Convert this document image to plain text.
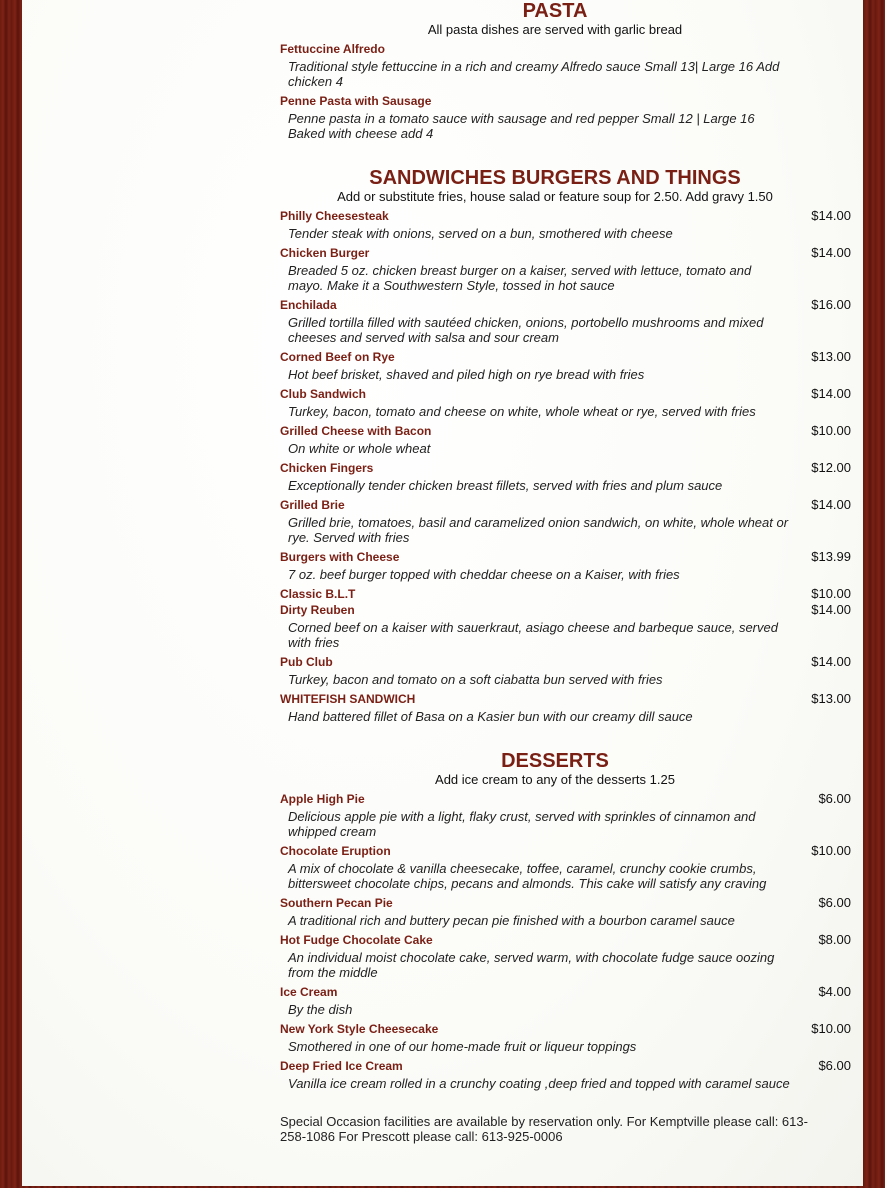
PASTA

All pasta dishes are served with garlic bread

Fettuccine Alfredo
Traditional style fettuccine in a rich and creamy Alfredo sauce Small 13| Large 16 Add chicken 4
Penne Pasta with Sausage
Penne pasta in a tomato sauce with sausage and red pepper Small 12 | Large 16 Baked with cheese add 4
SANDWICHES BURGERS AND THINGS

Add or substitute fries, house salad or feature soup for 2.50. Add gravy 1.50

Philly Cheesesteak	$14.00
Tender steak with onions, served on a bun, smothered with cheese
Chicken Burger	$14.00
Breaded 5 oz. chicken breast burger on a kaiser, served with lettuce, tomato and mayo. Make it a Southwestern Style, tossed in hot sauce
Enchilada	$16.00
Grilled tortilla filled with sautéed chicken, onions, portobello mushrooms and mixed cheeses and served with salsa and sour cream
Corned Beef on Rye	$13.00
Hot beef brisket, shaved and piled high on rye bread with fries
Club Sandwich	$14.00
Turkey, bacon, tomato and cheese on white, whole wheat or rye, served with fries
Grilled Cheese with Bacon	$10.00
On white or whole wheat
Chicken Fingers	$12.00
Exceptionally tender chicken breast fillets, served with fries and plum sauce
Grilled Brie	$14.00
Grilled brie, tomatoes, basil and caramelized onion sandwich, on white, whole wheat or rye. Served with fries
Burgers with Cheese	$13.99
7 oz. beef burger topped with cheddar cheese on a Kaiser, with fries
Classic B.L.T	$10.00
Dirty Reuben	$14.00
Corned beef on a kaiser with sauerkraut, asiago cheese and barbeque sauce, served with fries
Pub Club	$14.00
Turkey, bacon and tomato on a soft ciabatta bun served with fries
WHITEFISH SANDWICH	$13.00
Hand battered fillet of Basa on a Kasier bun with our creamy dill sauce
DESSERTS

Add ice cream to any of the desserts 1.25

Apple High Pie	$6.00
Delicious apple pie with a light, flaky crust, served with sprinkles of cinnamon and whipped cream
Chocolate Eruption	$10.00
A mix of chocolate & vanilla cheesecake, toffee, caramel, crunchy cookie crumbs, bittersweet chocolate chips, pecans and almonds. This cake will satisfy any craving
Southern Pecan Pie	$6.00
A traditional rich and buttery pecan pie finished with a bourbon caramel sauce
Hot Fudge Chocolate Cake	$8.00
An individual moist chocolate cake, served warm, with chocolate fudge sauce oozing from the middle
Ice Cream	$4.00
By the dish
New York Style Cheesecake	$10.00
Smothered in one of our home-made fruit or liqueur toppings
Deep Fried Ice Cream	$6.00
Vanilla ice cream rolled in a crunchy coating ,deep fried and topped with caramel sauce

Special Occasion facilities are available by reservation only. For Kemptville please call: 613-258-1086 For Prescott please call: 613-925-0006
